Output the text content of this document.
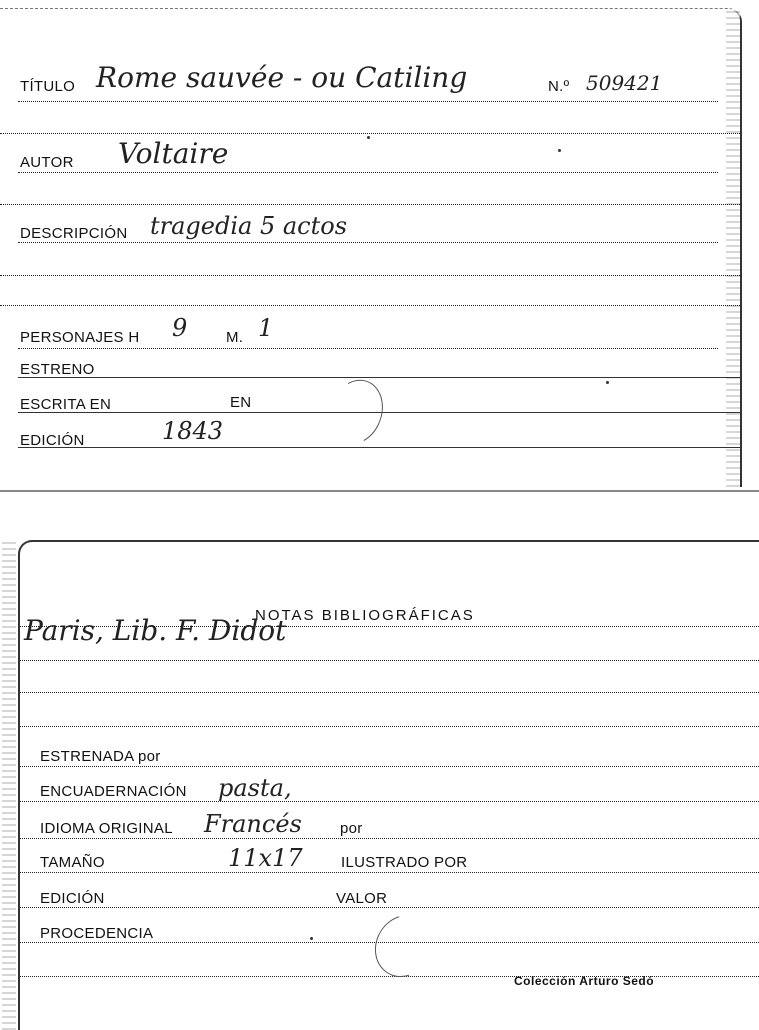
TÍTULO Rome sauvée - ou Catiling	N.º 509421
AUTOR Voltaire
DESCRIPCIÓN tragedia 5 actos
PERSONAJES H 9	M. 1
ESTRENO
ESCRITA EN	EN
EDICIÓN	1843
NOTAS BIBLIOGRÁFICAS
Paris, Lib. F. Didot
ESTRENADA por
ENCUADERNACIÓN pasta,
IDIOMA ORIGINAL Francés	por
TAMAÑO	11x17	ILUSTRADO POR
EDICIÓN	VALOR
PROCEDENCIA
Colección Arturo Sedó
